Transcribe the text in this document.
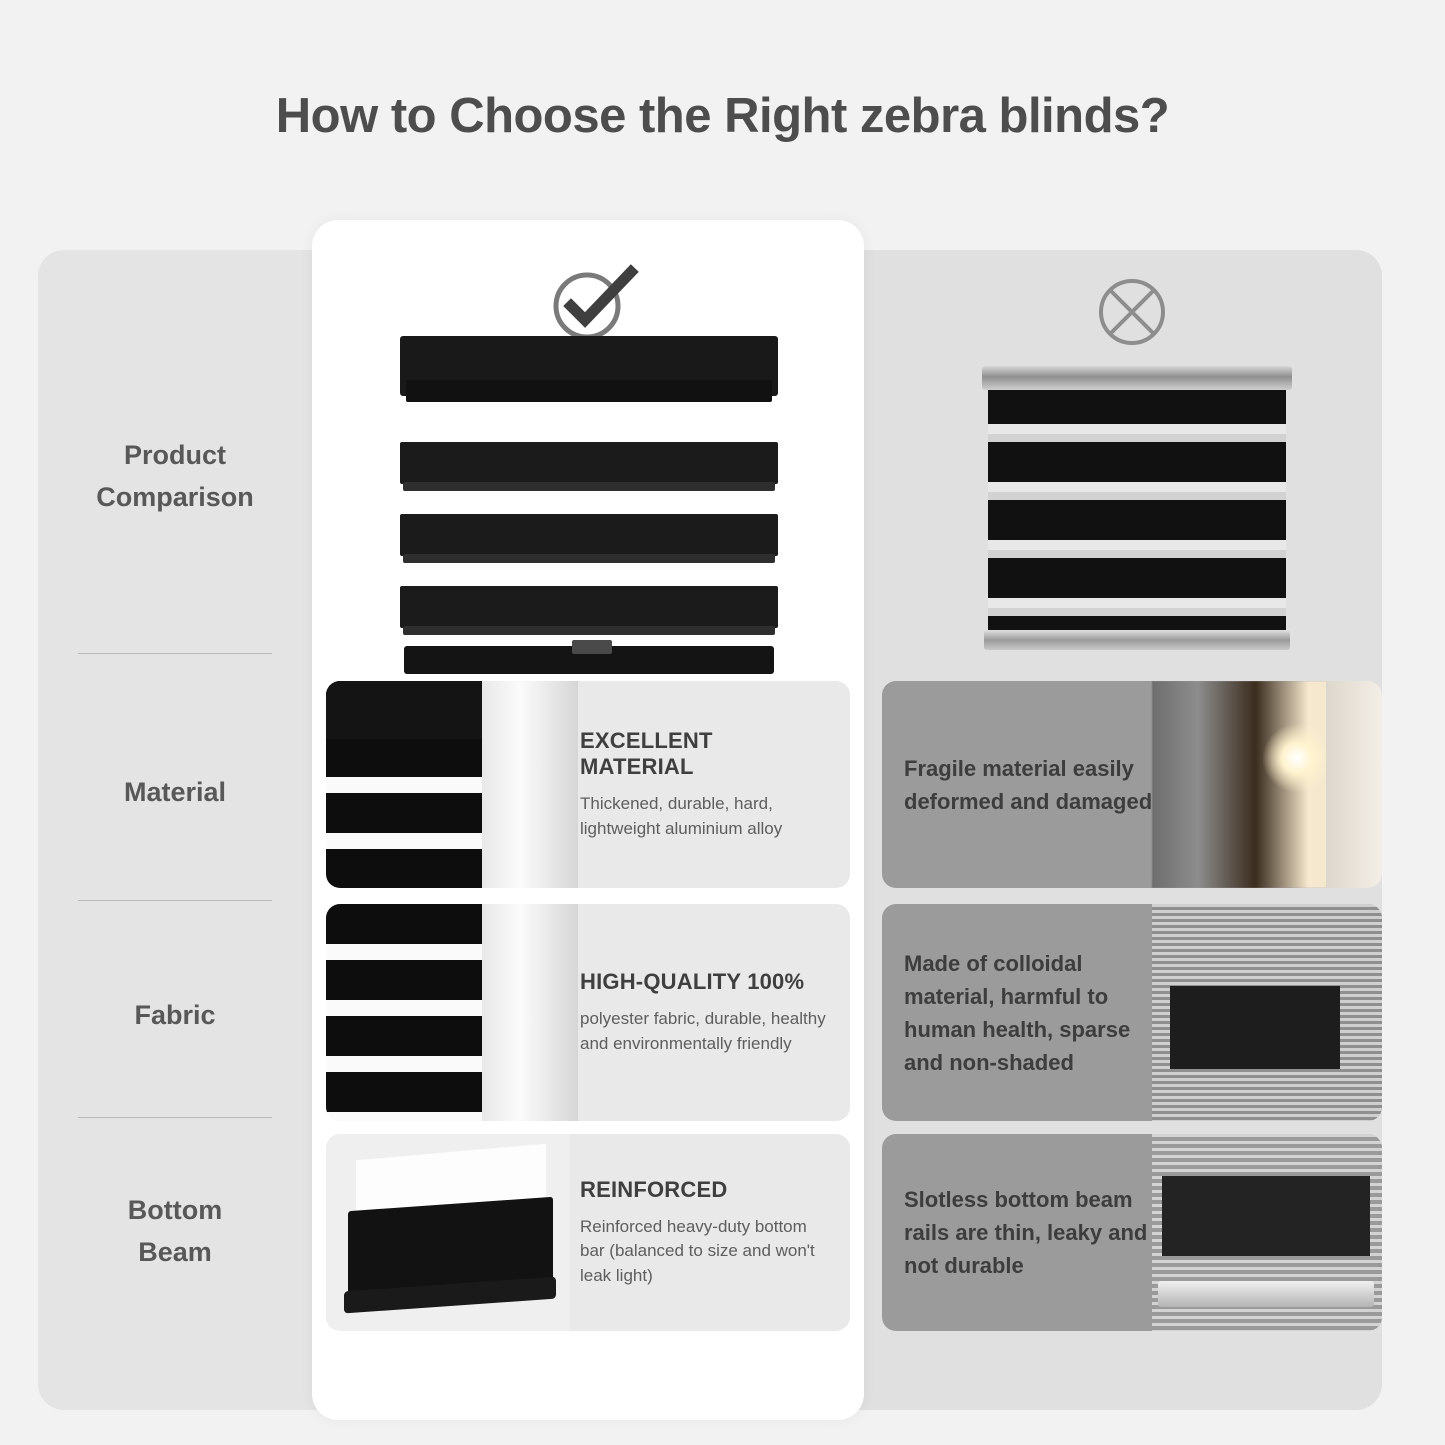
How to Choose the Right zebra blinds?
Product
Comparison
Material
Fabric
Bottom
Beam
EXCELLENT MATERIAL
Thickened, durable, hard, lightweight aluminium alloy
HIGH-QUALITY 100%
polyester fabric, durable, healthy and environmentally friendly
REINFORCED
Reinforced heavy-duty bottom bar (balanced to size and won't leak light)
Fragile material easily deformed and damaged
Made of colloidal material, harmful to human health, sparse and non-shaded
Slotless bottom beam rails are thin, leaky and not durable
